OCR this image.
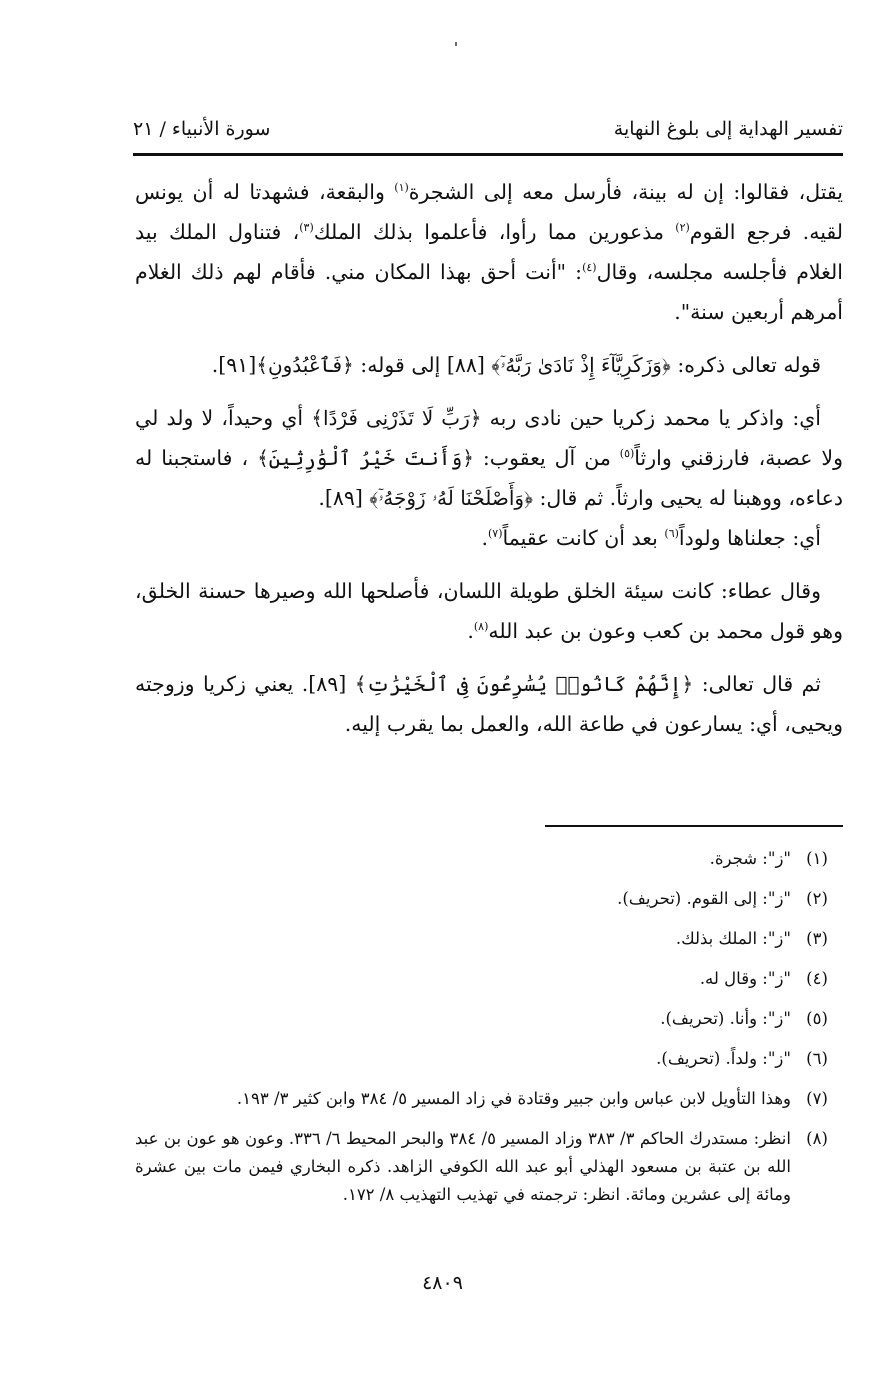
تفسير الهداية إلى بلوغ النهاية
سورة الأنبياء / ٢١

يقتل، فقالوا: إن له بينة، فأرسل معه إلى الشجرة$^{(١)}$ والبقعة، فشهدتا له أن يونس لقيه. فرجع القوم$^{(٢)}$ مذعورين مما رأوا، فأعلموا بذلك الملك$^{(٣)}$، فتناول الملك بيد الغلام فأجلسه مجلسه، وقال$^{(٤)}$: "أنت أحق بهذا المكان مني. فأقام لهم ذلك الغلام أمرهم أربعين سنة".

قوله تعالى ذكره: ﴿وَزَكَرِيَّآءَ إِذْ نَادَىٰ رَبَّهُۥٓ﴾ [٨٨] إلى قوله: ﴿فَٱعْبُدُونِ﴾[٩١].

أي: واذكر يا محمد زكريا حين نادى ربه ﴿رَبِّ لَا تَذَرْنِى فَرْدًا﴾ أي وحيداً، لا ولد لي ولا عصبة، فارزقني وارثاً$^{(٥)}$ من آل يعقوب: ﴿وَأَنتَ خَيْرُ ٱلْوَٰرِثِينَ﴾ ، فاستجبنا له دعاءه، ووهبنا له يحيى وارثاً. ثم قال: ﴿وَأَصْلَحْنَا لَهُۥ زَوْجَهُۥٓ﴾ [٨٩].

أي: جعلناها ولوداً$^{(٦)}$ بعد أن كانت عقيماً$^{(٧)}$.

وقال عطاء: كانت سيئة الخلق طويلة اللسان، فأصلحها الله وصيرها حسنة الخلق، وهو قول محمد بن كعب وعون بن عبد الله$^{(٨)}$.

ثم قال تعالى: ﴿إِنَّهُمْ كَانُوا۟ يُسَٰرِعُونَ فِى ٱلْخَيْرَٰتِ﴾ [٨٩]. يعني زكريا وزوجته ويحيى، أي: يسارعون في طاعة الله، والعمل بما يقرب إليه.

(١)
"ز": شجرة.
(٢)
"ز": إلى القوم. (تحريف).
(٣)
"ز": الملك بذلك.
(٤)
"ز": وقال له.
(٥)
"ز": وأنا. (تحريف).
(٦)
"ز": ولداً. (تحريف).
(٧)
وهذا التأويل لابن عباس وابن جبير وقتادة في زاد المسير ٥/ ٣٨٤ وابن كثير ٣/ ١٩٣.
(٨)
انظر: مستدرك الحاكم ٣/ ٣٨٣ وزاد المسير ٥/ ٣٨٤ والبحر المحيط ٦/ ٣٣٦. وعون هو عون بن عبد الله بن عتبة بن مسعود الهذلي أبو عبد الله الكوفي الزاهد. ذكره البخاري فيمن مات بين عشرة ومائة إلى عشرين ومائة. انظر: ترجمته في تهذيب التهذيب ٨/ ١٧٢.
٤٨٠٩
